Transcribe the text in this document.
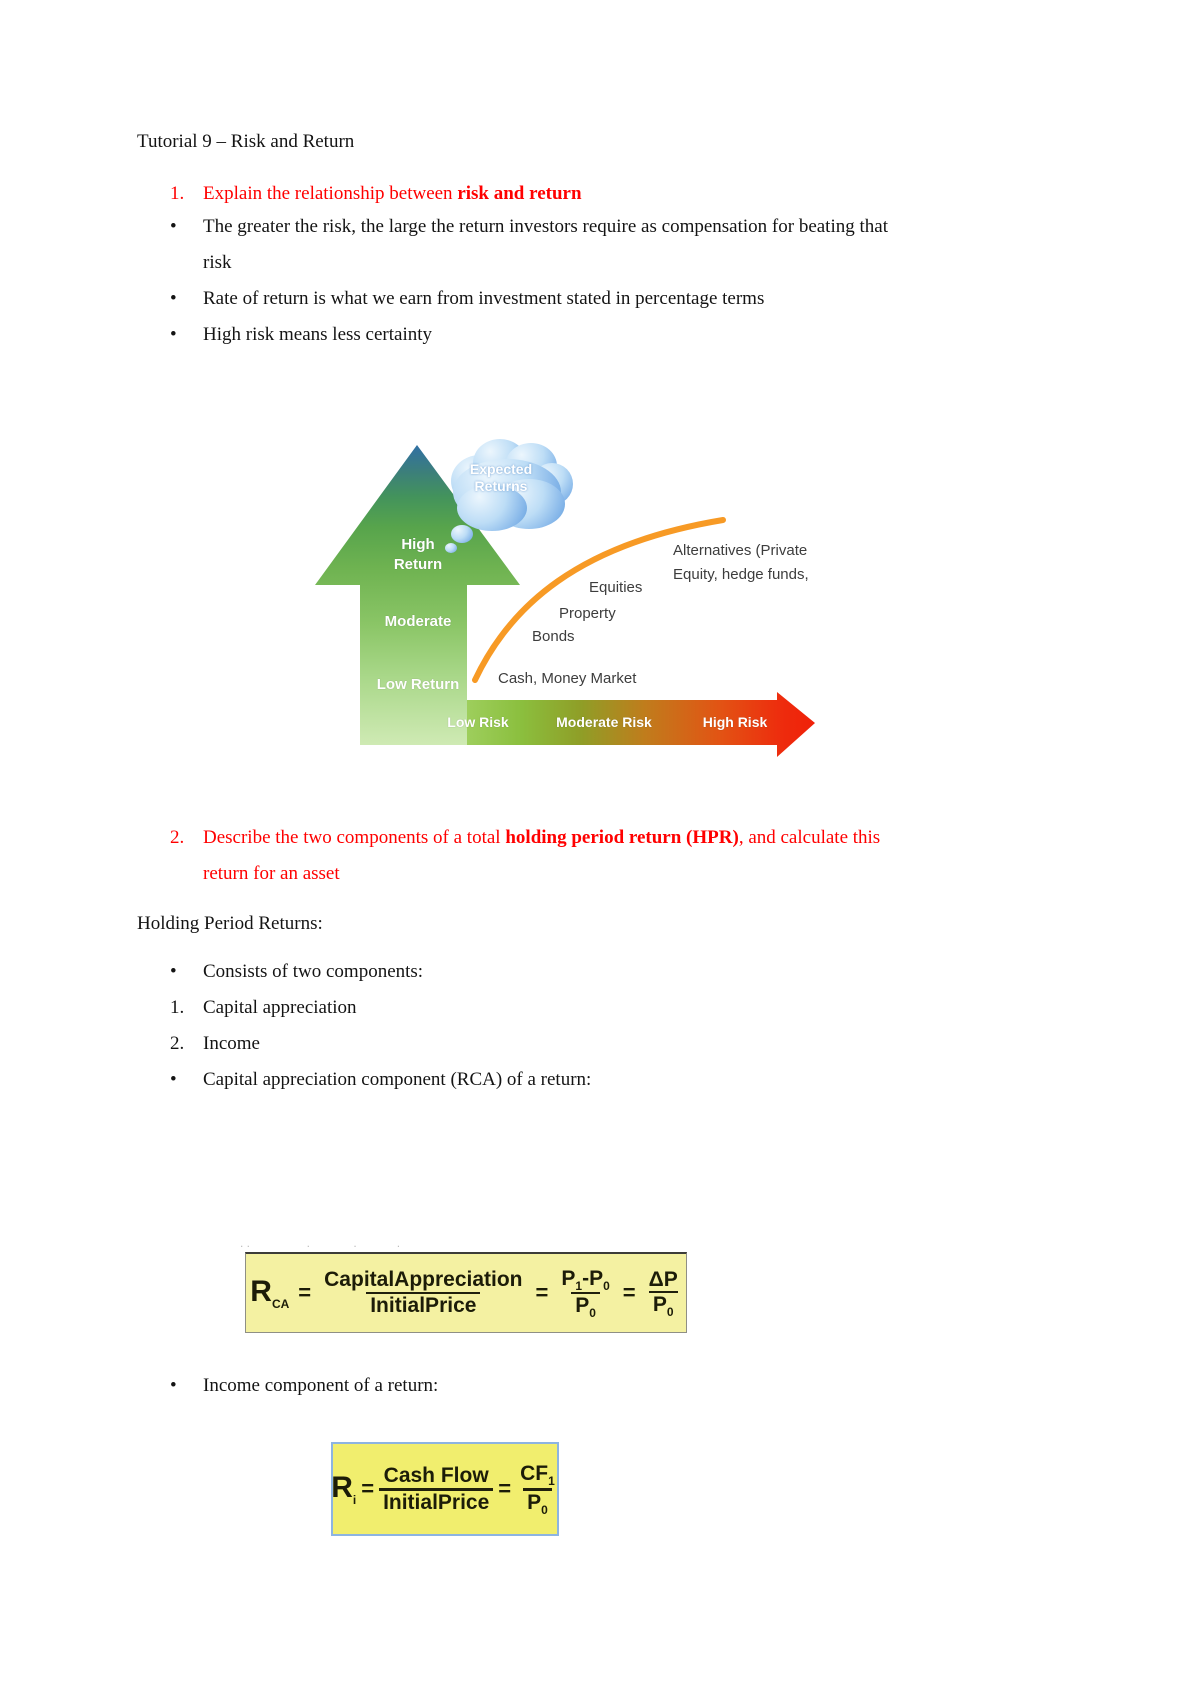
Tutorial 9 – Risk and Return
1. Explain the relationship between risk and return
• The greater the risk, the large the return investors require as compensation for beating that
risk
• Rate of return is what we earn from investment stated in percentage terms
• High risk means less certainty
Expected Returns
High Return
Moderate
Low Return	Cash, Money Market
Bonds
Property
Equities
Alternatives (Private
Equity, hedge funds,
Low Risk	Moderate Risk	High Risk
2. Describe the two components of a total holding period return (HPR), and calculate this
return for an asset
Holding Period Returns:
• Consists of two components:
1. Capital appreciation
2. Income
• Capital appreciation component (RCA) of a return:
. .                 .             .            .
$R_{CA} = \frac{\text{CapitalAppreciation}}{\text{InitialPrice}} = \frac{P_1-P_0}{P_0} = \frac{\Delta P}{P_0}$
• Income component of a return:
$R_i = \frac{\text{Cash Flow}}{\text{InitialPrice}} = \frac{CF_1}{P_0}$
